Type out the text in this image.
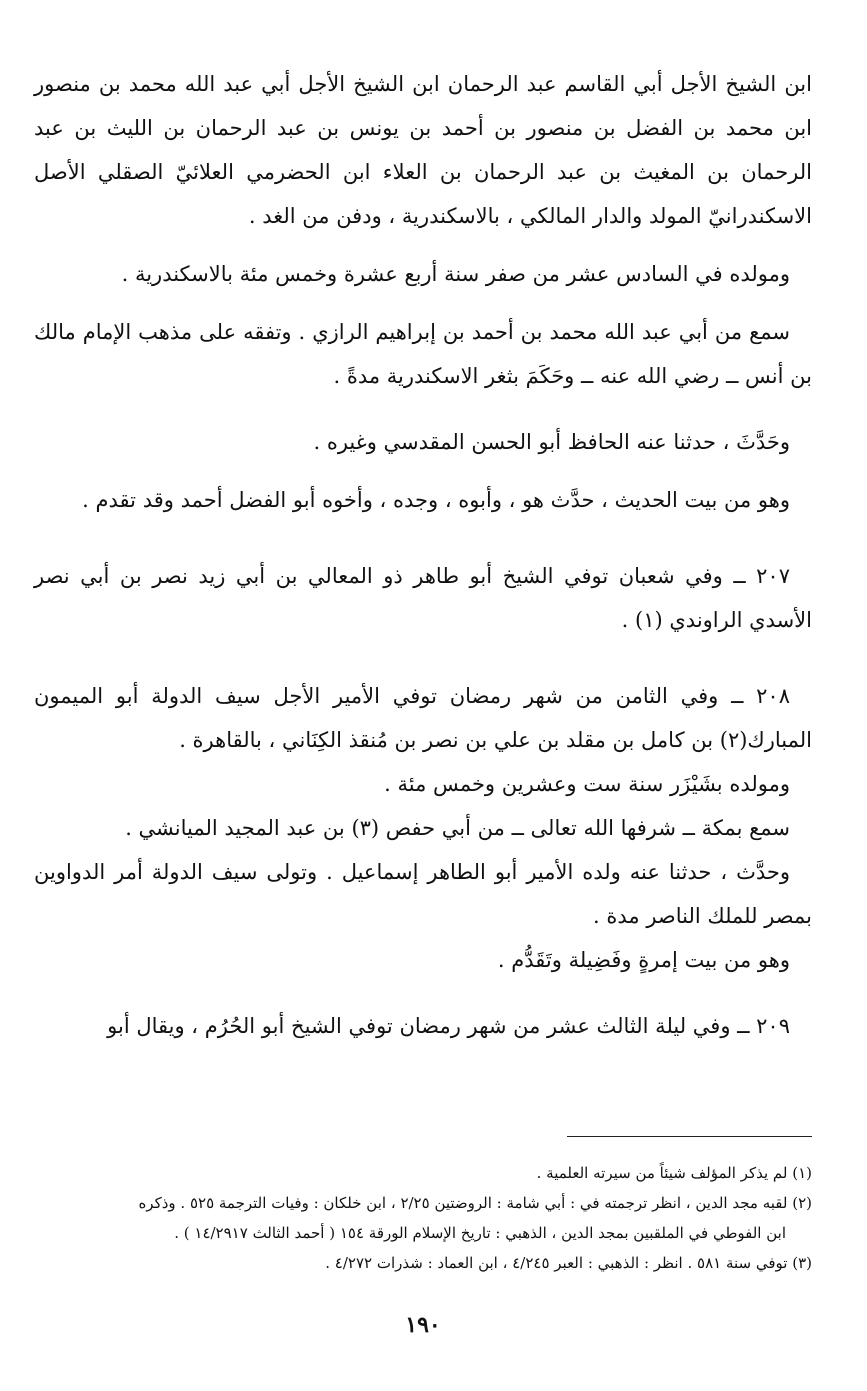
ابن الشيخ الأجل أبي القاسم عبد الرحمان ابن الشيخ الأجل أبي عبد الله محمد بن منصور ابن محمد بن الفضل بن منصور بن أحمد بن يونس بن عبد الرحمان بن الليث بن عبد الرحمان بن المغيث بن عبد الرحمان بن العلاء ابن الحضرمي العلائيّ الصقلي الأصل الاسكندرانيّ المولد والدار المالكي ، بالاسكندرية ، ودفن من الغد .

ومولده في السادس عشر من صفر سنة أربع عشرة وخمس مئة بالاسكندرية .

سمع من أبي عبد الله محمد بن أحمد بن إبراهيم الرازي . وتفقه على مذهب الإمام مالك بن أنس ــ رضي الله عنه ــ وحَكَمَ بثغر الاسكندرية مدةً .

وحَدَّثَ ، حدثنا عنه الحافظ أبو الحسن المقدسي وغيره .

وهو من بيت الحديث ، حدَّث هو ، وأبوه ، وجده ، وأخوه أبو الفضل أحمد وقد تقدم .

٢٠٧ ــ وفي شعبان توفي الشيخ أبو طاهر ذو المعالي بن أبي زيد نصر بن أبي نصر الأسدي الراوندي (١) .

٢٠٨ ــ وفي الثامن من شهر رمضان توفي الأمير الأجل سيف الدولة أبو الميمون المبارك(٢) بن كامل بن مقلد بن علي بن نصر بن مُنقذ الكِنَاني ، بالقاهرة .

ومولده بشَيْزَر سنة ست وعشرين وخمس مئة .

سمع بمكة ــ شرفها الله تعالى ــ من أبي حفص (٣) بن عبد المجيد الميانشي .

وحدَّث ، حدثنا عنه ولده الأمير أبو الطاهر إسماعيل . وتولى سيف الدولة أمر الدواوين بمصر للملك الناصر مدة .

وهو من بيت إمرةٍ وفَضِيلة وتَقَدُّم .

٢٠٩ ــ وفي ليلة الثالث عشر من شهر رمضان توفي الشيخ أبو الحُرُم ، ويقال أبو

(١) لم يذكر المؤلف شيئاً من سيرته العلمية .

(٢) لقبه مجد الدين ، انظر ترجمته في : أبي شامة : الروضتين ٢/٢٥ ، ابن خلكان : وفيات الترجمة ٥٢٥ . وذكره

ابن الفوطي في الملقبين بمجد الدين ، الذهبي : تاريخ الإسلام الورقة ١٥٤ ( أحمد الثالث ١٤/٢٩١٧ ) .

(٣) توفي سنة ٥٨١ . انظر : الذهبي : العبر ٤/٢٤٥ ، ابن العماد : شذرات ٤/٢٧٢ .

١٩٠
